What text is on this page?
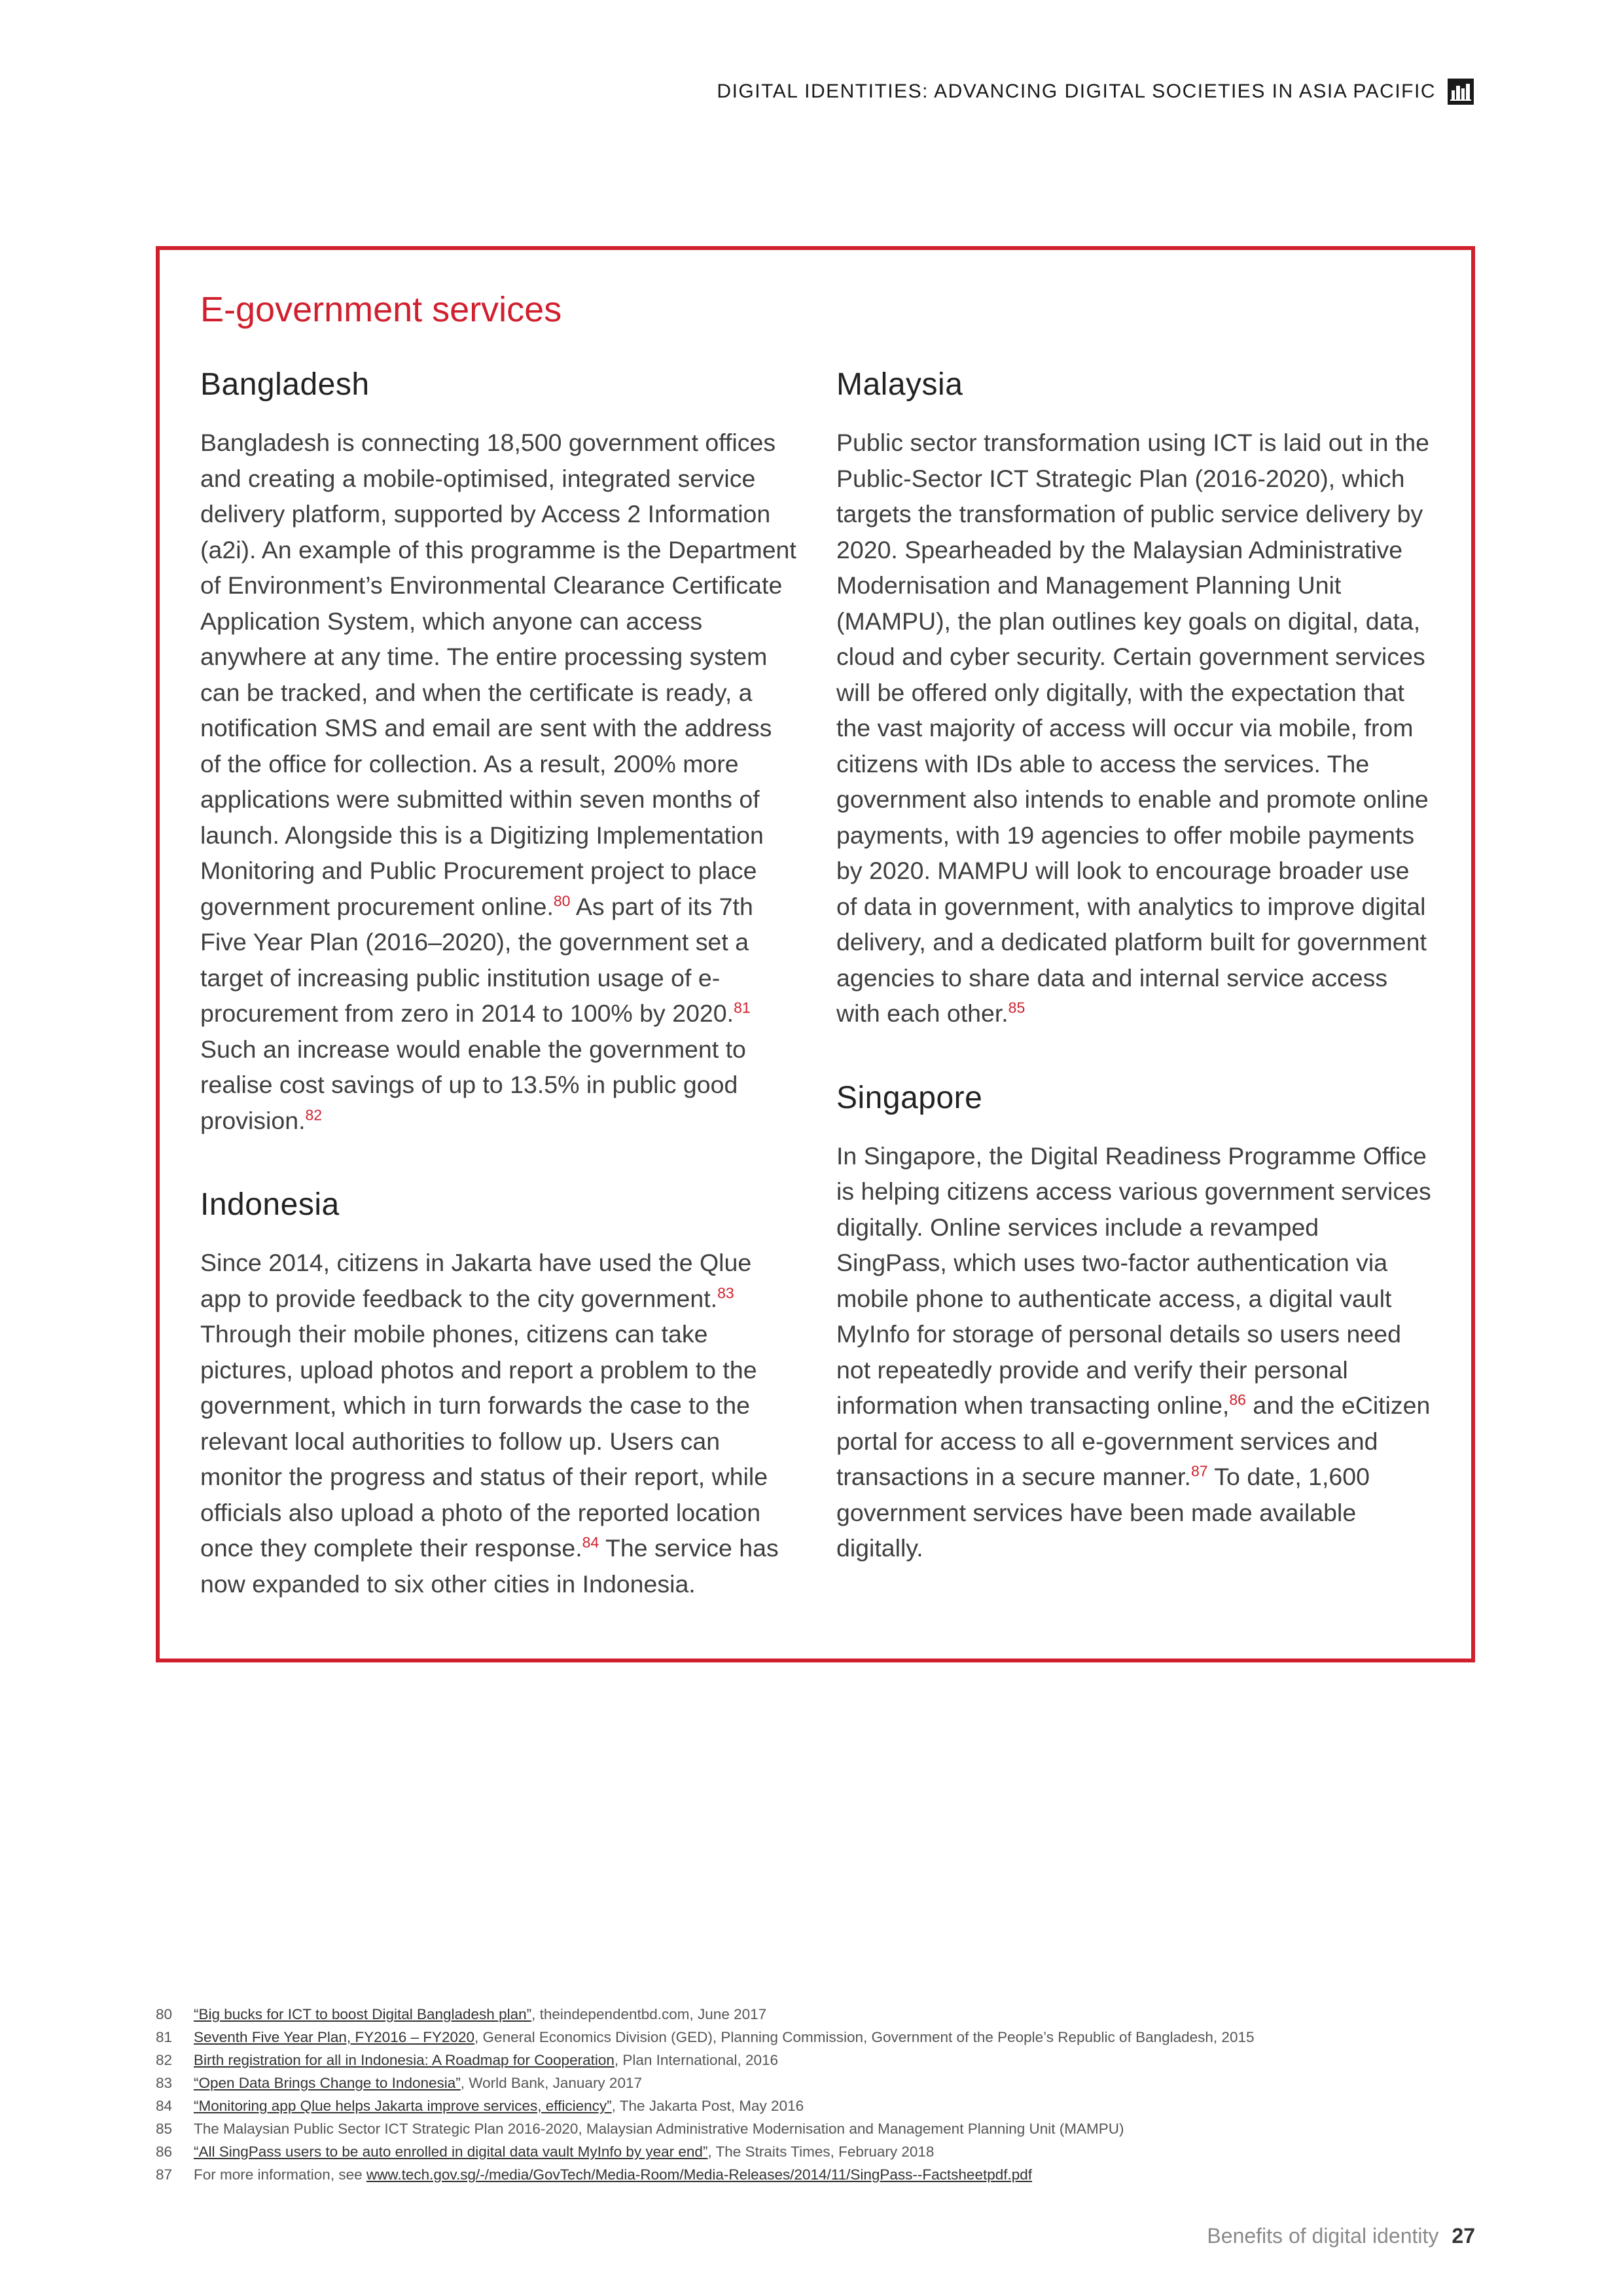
DIGITAL IDENTITIES: ADVANCING DIGITAL SOCIETIES IN ASIA PACIFIC
E-government services
Bangladesh

Bangladesh is connecting 18,500 government offices and creating a mobile-optimised, integrated service delivery platform, supported by Access 2 Information (a2i). An example of this programme is the Department of Environment’s Environmental Clearance Certificate Application System, which anyone can access anywhere at any time. The entire processing system can be tracked, and when the certificate is ready, a notification SMS and email are sent with the address of the office for collection. As a result, 200% more applications were submitted within seven months of launch. Alongside this is a Digitizing Implementation Monitoring and Public Procurement project to place government procurement online.$^{80}$ As part of its 7th Five Year Plan (2016–2020), the government set a target of increasing public institution usage of e-procurement from zero in 2014 to 100% by 2020.81 Such an increase would enable the government to realise cost savings of up to 13.5% in public good provision.$^{82}$

Indonesia

Since 2014, citizens in Jakarta have used the Qlue app to provide feedback to the city government.$^{83}$ Through their mobile phones, citizens can take pictures, upload photos and report a problem to the government, which in turn forwards the case to the relevant local authorities to follow up. Users can monitor the progress and status of their report, while officials also upload a photo of the reported location once they complete their response.$^{84}$ The service has now expanded to six other cities in Indonesia.

Malaysia

Public sector transformation using ICT is laid out in the Public-Sector ICT Strategic Plan (2016-2020), which targets the transformation of public service delivery by 2020. Spearheaded by the Malaysian Administrative Modernisation and Management Planning Unit (MAMPU), the plan outlines key goals on digital, data, cloud and cyber security. Certain government services will be offered only digitally, with the expectation that the vast majority of access will occur via mobile, from citizens with IDs able to access the services. The government also intends to enable and promote online payments, with 19 agencies to offer mobile payments by 2020. MAMPU will look to encourage broader use of data in government, with analytics to improve digital delivery, and a dedicated platform built for government agencies to share data and internal service access with each other.$^{85}$

Singapore

In Singapore, the Digital Readiness Programme Office is helping citizens access various government services digitally. Online services include a revamped SingPass, which uses two-factor authentication via mobile phone to authenticate access, a digital vault MyInfo for storage of personal details so users need not repeatedly provide and verify their personal information when transacting online,$^{86}$ and the eCitizen portal for access to all e-government services and transactions in a secure manner.$^{87}$ To date, 1,600 government services have been made available digitally.

80	“Big bucks for ICT to boost Digital Bangladesh plan”, theindependentbd.com, June 2017
81	Seventh Five Year Plan, FY2016 – FY2020, General Economics Division (GED), Planning Commission, Government of the People’s Republic of Bangladesh, 2015
82	Birth registration for all in Indonesia: A Roadmap for Cooperation, Plan International, 2016
83	“Open Data Brings Change to Indonesia”, World Bank, January 2017
84	“Monitoring app Qlue helps Jakarta improve services, efficiency”, The Jakarta Post, May 2016
85	The Malaysian Public Sector ICT Strategic Plan 2016-2020, Malaysian Administrative Modernisation and Management Planning Unit (MAMPU)
86	“All SingPass users to be auto enrolled in digital data vault MyInfo by year end”, The Straits Times, February 2018
87	For more information, see www.tech.gov.sg/-/media/GovTech/Media-Room/Media-Releases/2014/11/SingPass--Factsheetpdf.pdf
Benefits of digital identity 27
